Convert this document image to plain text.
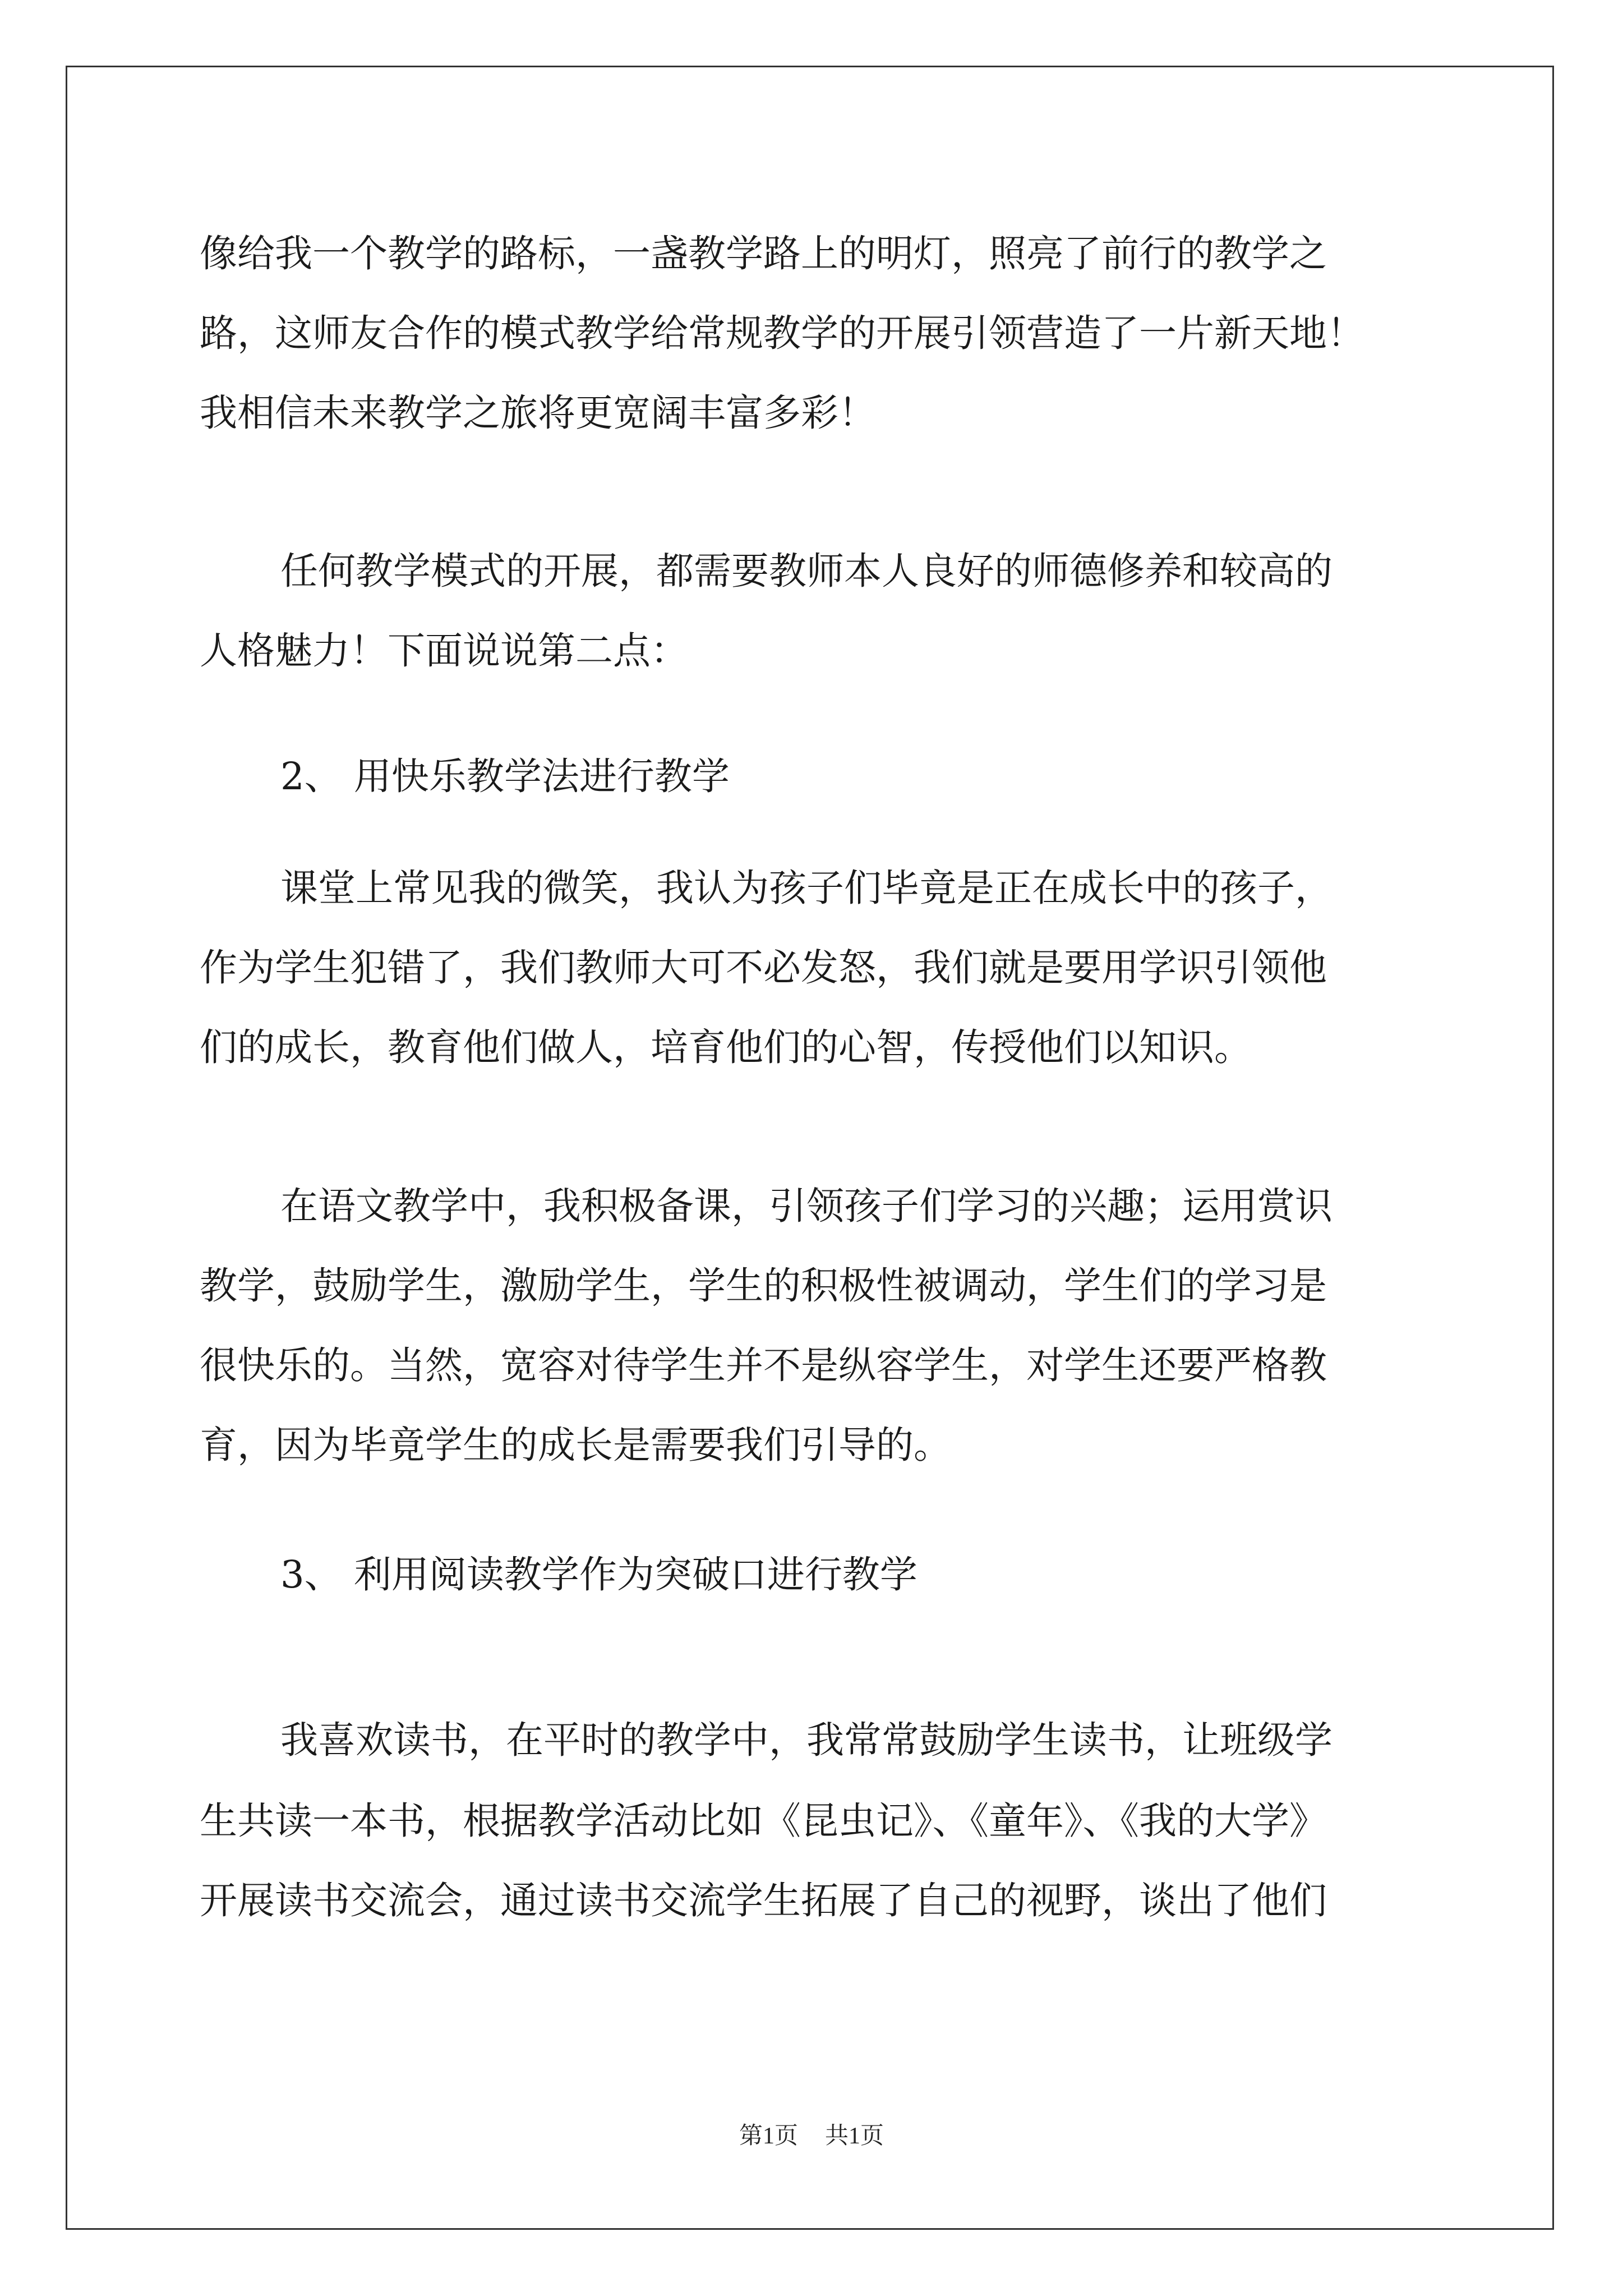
像给我一个教学的路标，一盏教学路上的明灯，照亮了前行的教学之
路，这师友合作的模式教学给常规教学的开展引领营造了一片新天地！
我相信未来教学之旅将更宽阔丰富多彩！
任何教学模式的开展，都需要教师本人良好的师德修养和较高的
人格魅力！下面说说第二点：
2、 用快乐教学法进行教学
课堂上常见我的微笑，我认为孩子们毕竟是正在成长中的孩子，
作为学生犯错了，我们教师大可不必发怒，我们就是要用学识引领他
们的成长，教育他们做人，培育他们的心智，传授他们以知识。
在语文教学中，我积极备课，引领孩子们学习的兴趣；运用赏识
教学，鼓励学生，激励学生，学生的积极性被调动，学生们的学习是
很快乐的。当然，宽容对待学生并不是纵容学生，对学生还要严格教
育，因为毕竟学生的成长是需要我们引导的。
3、 利用阅读教学作为突破口进行教学
我喜欢读书，在平时的教学中，我常常鼓励学生读书，让班级学
生共读一本书，根据教学活动比如《昆虫记》、《童年》、《我的大学》
开展读书交流会，通过读书交流学生拓展了自己的视野，谈出了他们
第1页 共1页
